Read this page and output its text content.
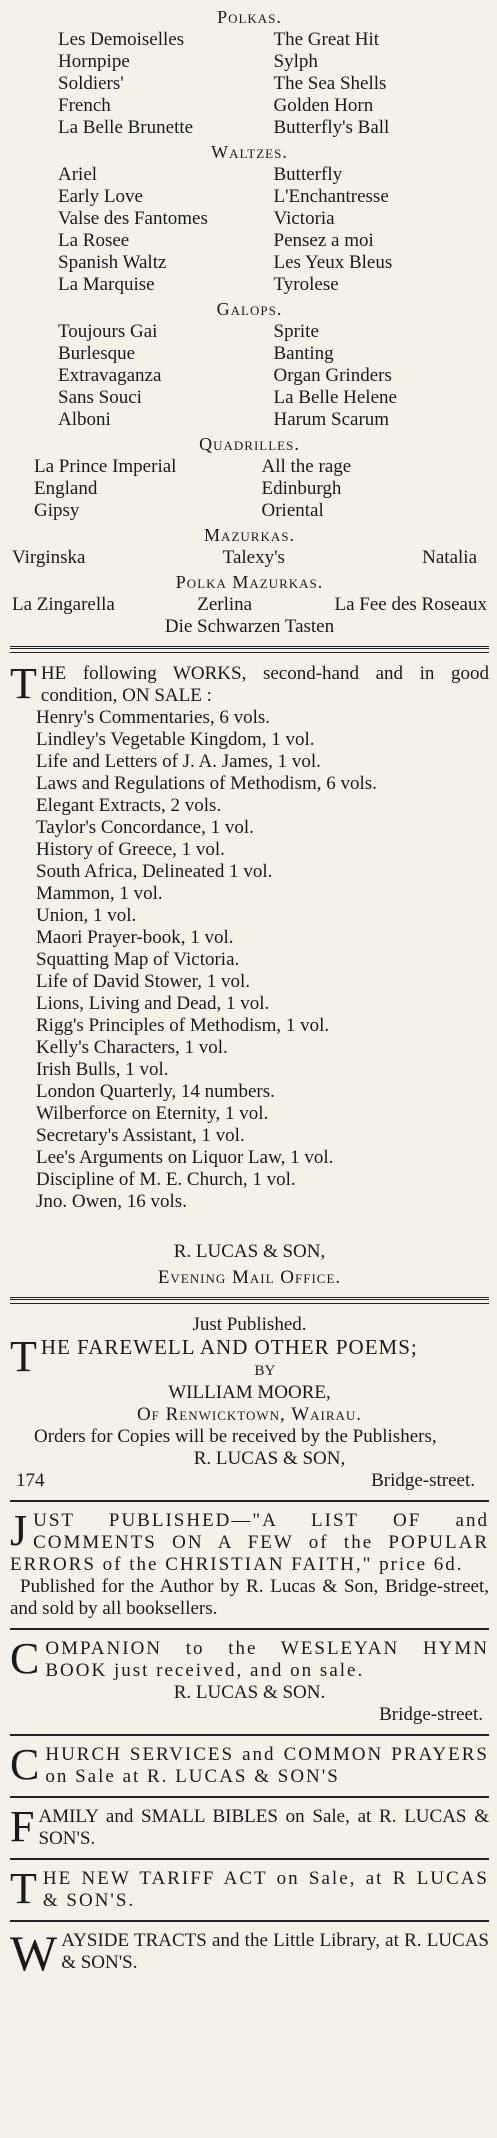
Polkas.
Les Demoiselles	The Great Hit
Hornpipe	Sylph
Soldiers'	The Sea Shells
French	Golden Horn
La Belle Brunette	Butterfly's Ball
Waltzes.
Ariel	Butterfly
Early Love	L'Enchantresse
Valse des Fantomes	Victoria
La Rosee	Pensez a moi
Spanish Waltz	Les Yeux Bleus
La Marquise	Tyrolese
Galops.
Toujours Gai	Sprite
Burlesque	Banting
Extravaganza	Organ Grinders
Sans Souci	La Belle Helene
Alboni	Harum Scarum
Quadrilles.
La Prince Imperial	All the rage
England	Edinburgh
Gipsy	Oriental
Mazurkas.
Virginska	Talexy's	Natalia
Polka Mazurkas.
La Zingarella	Zerlina	La Fee des Roseaux
Die Schwarzen Tasten
T HE following WORKS, second-hand and in good condition, ON SALE :
Henry's Commentaries, 6 vols.
Lindley's Vegetable Kingdom, 1 vol.
Life and Letters of J. A. James, 1 vol.
Laws and Regulations of Methodism, 6 vols.
Elegant Extracts, 2 vols.
Taylor's Concordance, 1 vol.
History of Greece, 1 vol.
South Africa, Delineated 1 vol.
Mammon, 1 vol.
Union, 1 vol.
Maori Prayer-book, 1 vol.
Squatting Map of Victoria.
Life of David Stower, 1 vol.
Lions, Living and Dead, 1 vol.
Rigg's Principles of Methodism, 1 vol.
Kelly's Characters, 1 vol.
Irish Bulls, 1 vol.
London Quarterly, 14 numbers.
Wilberforce on Eternity, 1 vol.
Secretary's Assistant, 1 vol.
Lee's Arguments on Liquor Law, 1 vol.
Discipline of M. E. Church, 1 vol.
Jno. Owen, 16 vols.
R. LUCAS & SON,
Evening Mail Office.
Just Published.
T HE FAREWELL AND OTHER POEMS;
BY
WILLIAM MOORE,
Of Renwicktown, Wairau.
Orders for Copies will be received by the Publishers,
R. LUCAS & SON,
174	Bridge-street.
J UST PUBLISHED—"A LIST OF and COMMENTS ON A FEW of the POPULAR ERRORS of the CHRISTIAN FAITH," price 6d.
Published for the Author by R. Lucas & Son, Bridge-street, and sold by all booksellers.
C OMPANION to the WESLEYAN HYMN BOOK just received, and on sale.
R. LUCAS & SON.
Bridge-street.
C HURCH SERVICES and COMMON PRAYERS on Sale at R. LUCAS & SON'S
F AMILY and SMALL BIBLES on Sale, at R. LUCAS & SON'S.
T HE NEW TARIFF ACT on Sale, at R LUCAS & SON'S.
W AYSIDE TRACTS and the Little Library, at R. LUCAS & SON'S.
